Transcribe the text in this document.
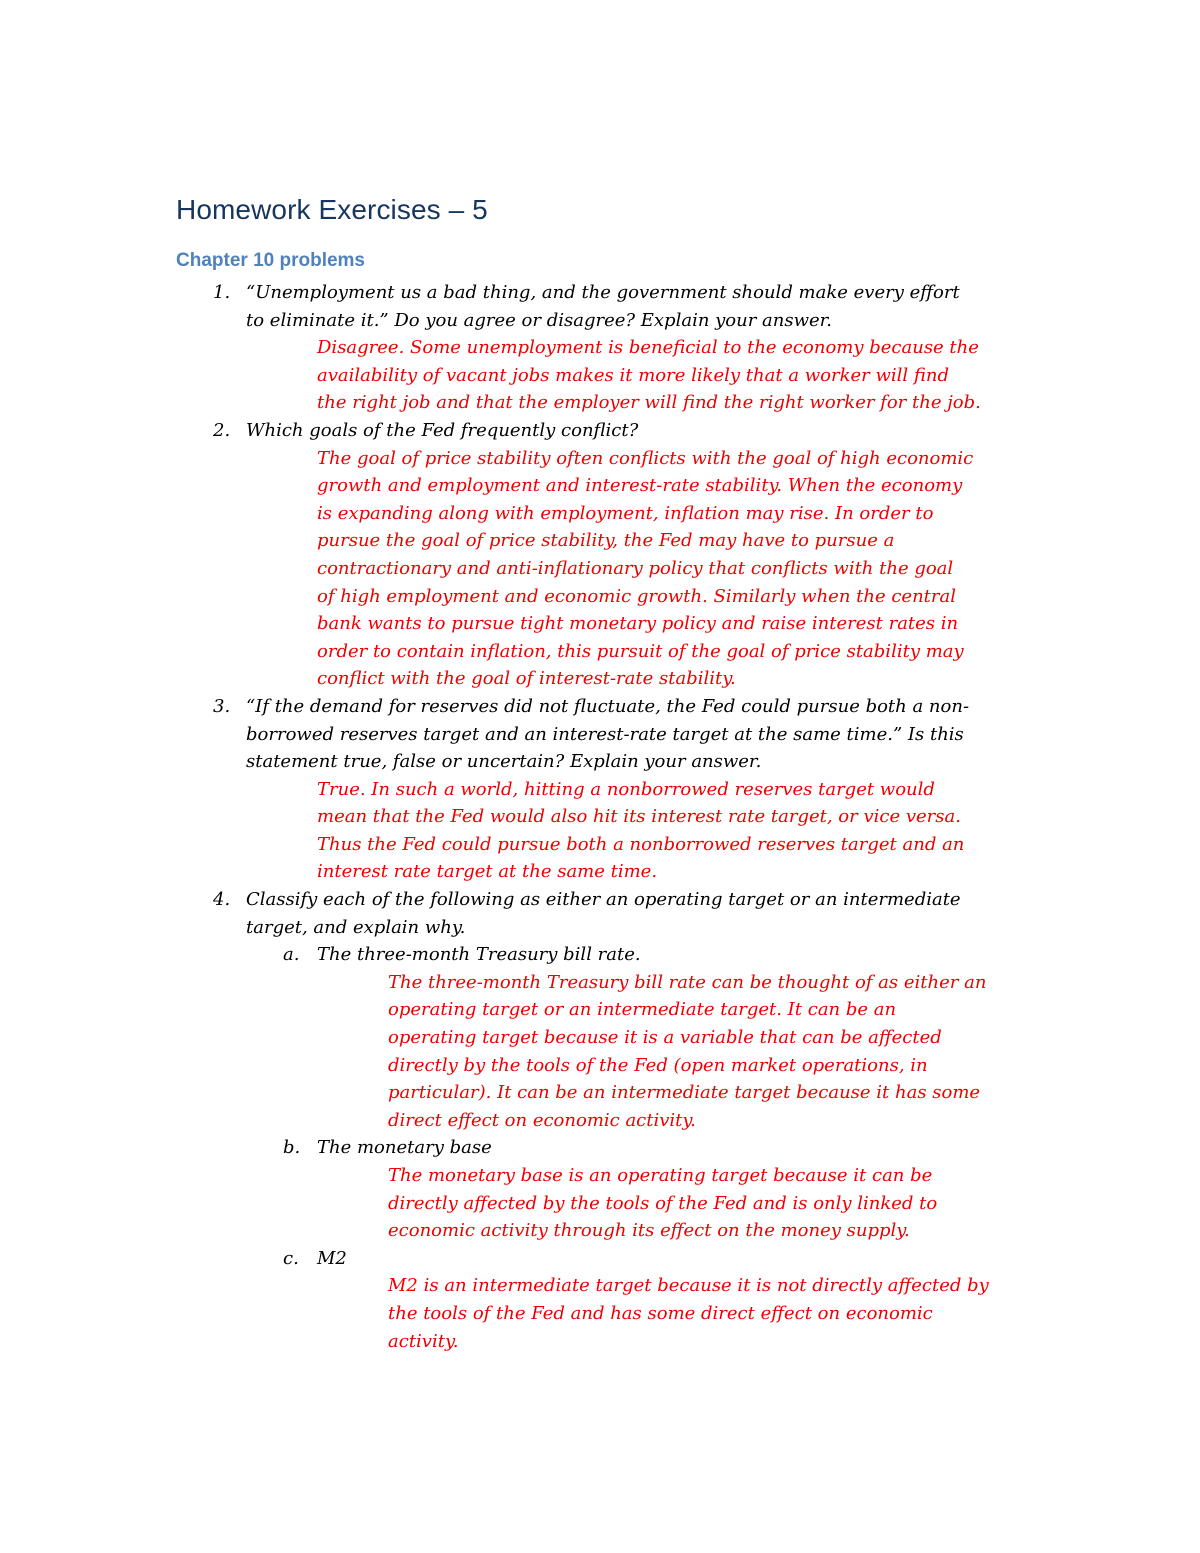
Homework Exercises – 5
Chapter 10 problems
1. “Unemployment us a bad thing, and the government should make every effort
to eliminate it.” Do you agree or disagree? Explain your answer.
Disagree. Some unemployment is beneficial to the economy because the
availability of vacant jobs makes it more likely that a worker will find
the right job and that the employer will find the right worker for the job.
2. Which goals of the Fed frequently conflict?
The goal of price stability often conflicts with the goal of high economic
growth and employment and interest-rate stability. When the economy
is expanding along with employment, inflation may rise. In order to
pursue the goal of price stability, the Fed may have to pursue a
contractionary and anti-inflationary policy that conflicts with the goal
of high employment and economic growth. Similarly when the central
bank wants to pursue tight monetary policy and raise interest rates in
order to contain inflation, this pursuit of the goal of price stability may
conflict with the goal of interest-rate stability.
3. “If the demand for reserves did not fluctuate, the Fed could pursue both a non-
borrowed reserves target and an interest-rate target at the same time.” Is this
statement true, false or uncertain? Explain your answer.
True. In such a world, hitting a nonborrowed reserves target would
mean that the Fed would also hit its interest rate target, or vice versa.
Thus the Fed could pursue both a nonborrowed reserves target and an
interest rate target at the same time.
4. Classify each of the following as either an operating target or an intermediate
target, and explain why.
a. The three-month Treasury bill rate.
The three-month Treasury bill rate can be thought of as either an
operating target or an intermediate target. It can be an
operating target because it is a variable that can be affected
directly by the tools of the Fed (open market operations, in
particular). It can be an intermediate target because it has some
direct effect on economic activity.
b. The monetary base
The monetary base is an operating target because it can be
directly affected by the tools of the Fed and is only linked to
economic activity through its effect on the money supply.
c. M2
M2 is an intermediate target because it is not directly affected by
the tools of the Fed and has some direct effect on economic
activity.
